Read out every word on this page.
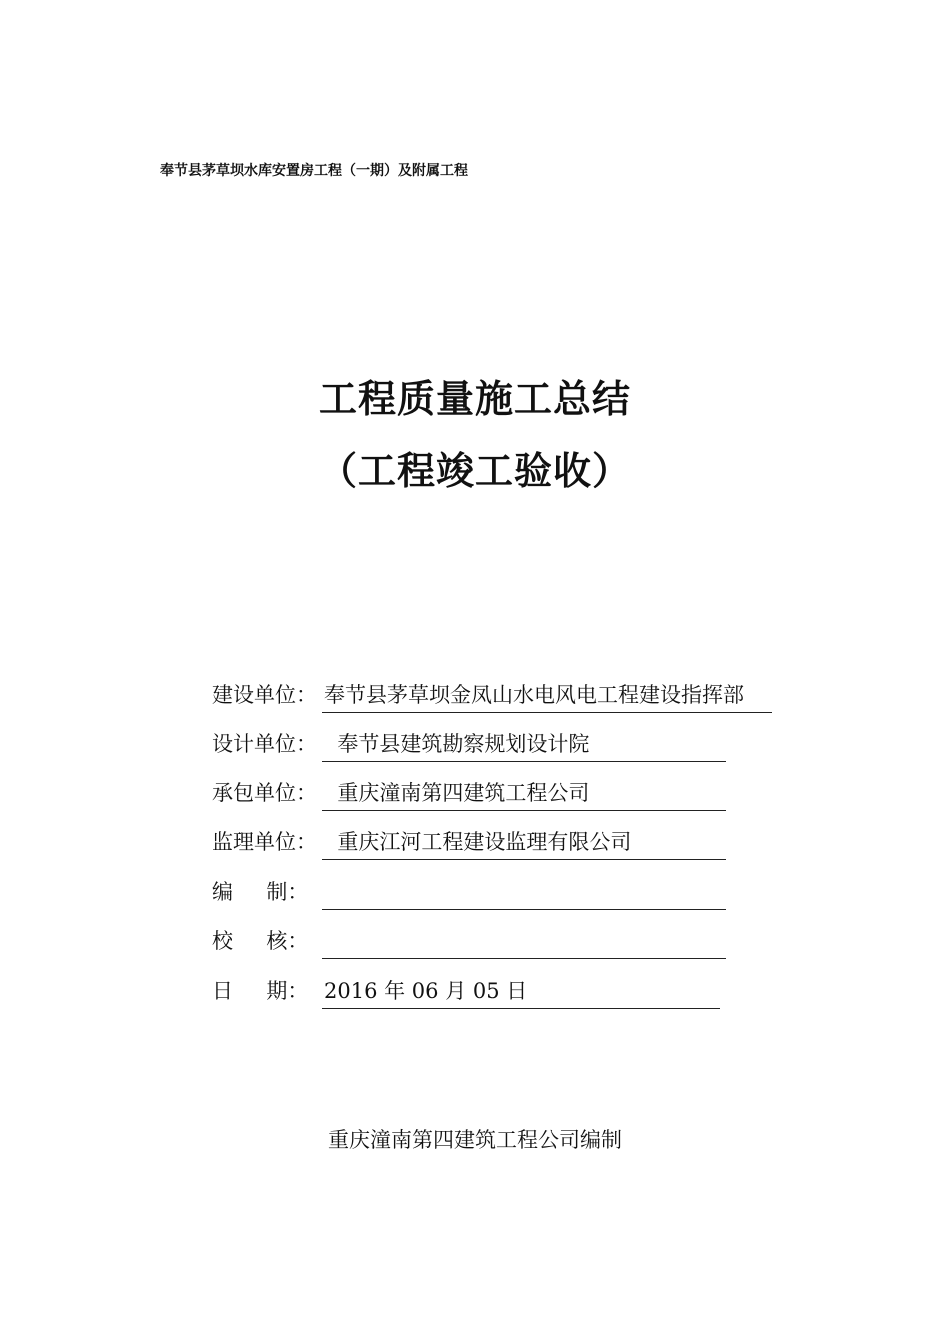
奉节县茅草坝水库安置房工程（一期）及附属工程
工程质量施工总结
（工程竣工验收）
建设单位： 奉节县茅草坝金凤山水电风电工程建设指挥部
设计单位： 奉节县建筑勘察规划设计院
承包单位： 重庆潼南第四建筑工程公司
监理单位： 重庆江河工程建设监理有限公司
编     制：
校     核：
日     期： 2016 年 06 月 05 日
重庆潼南第四建筑工程公司编制
